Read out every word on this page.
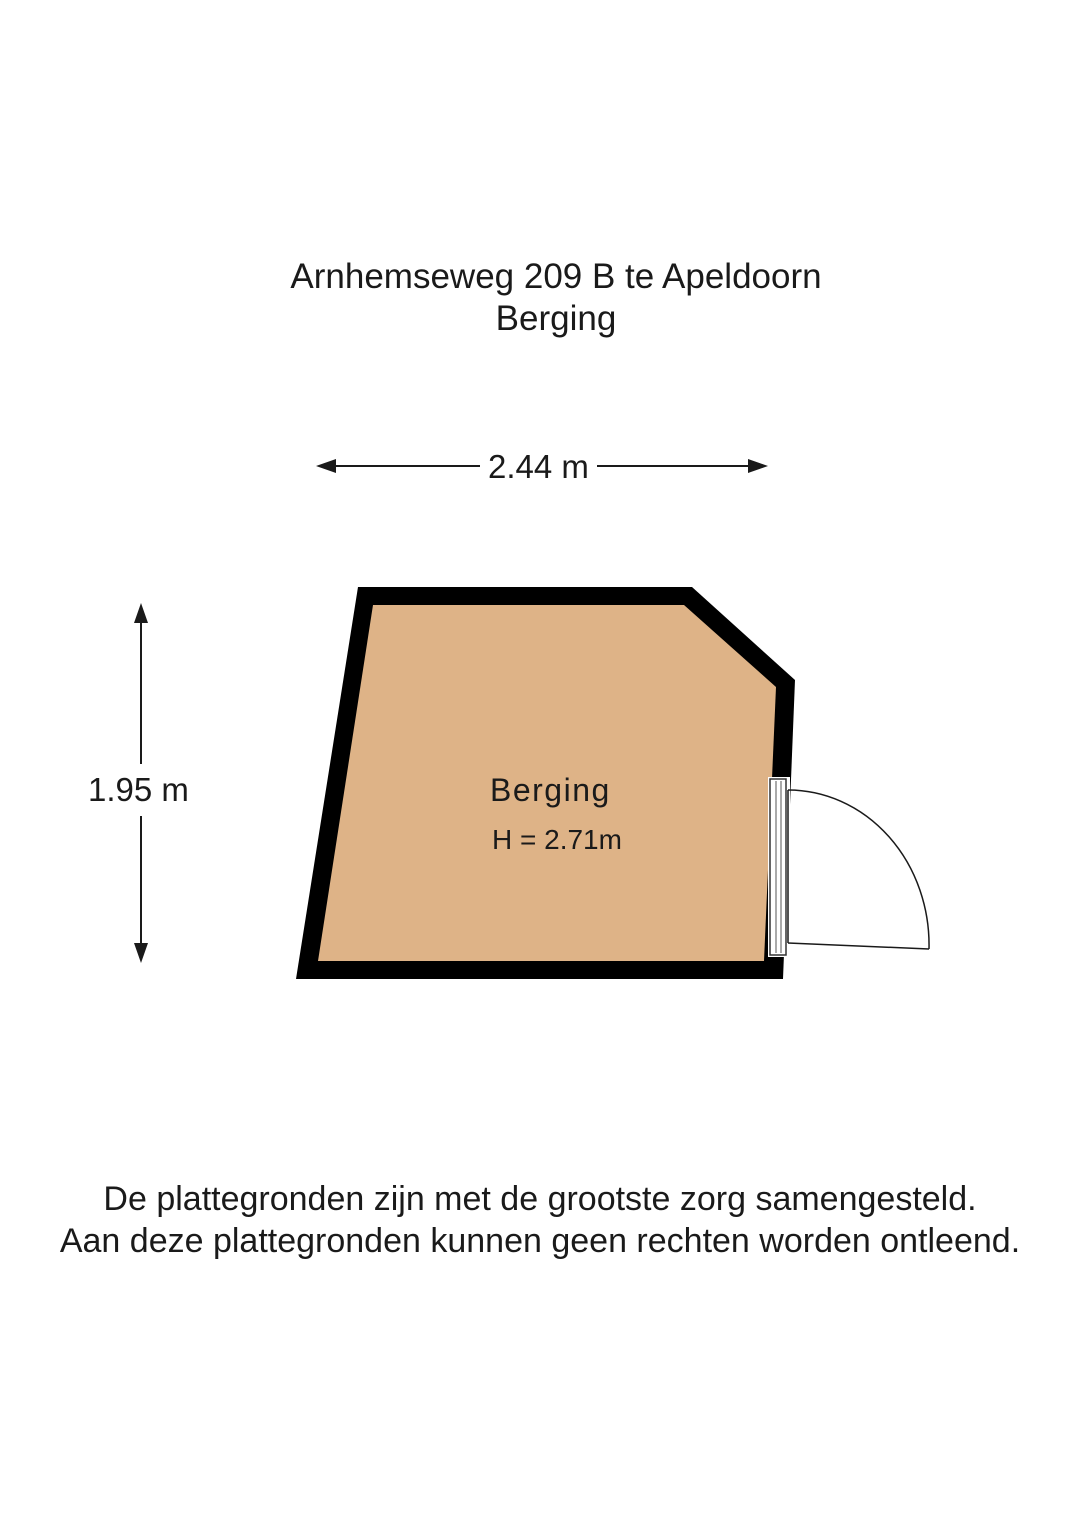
Arnhemseweg 209 B te Apeldoorn
Berging
2.44 m
1.95 m	Berging
H = 2.71m
De plattegronden zijn met de grootste zorg samengesteld.
Aan deze plattegronden kunnen geen rechten worden ontleend.
